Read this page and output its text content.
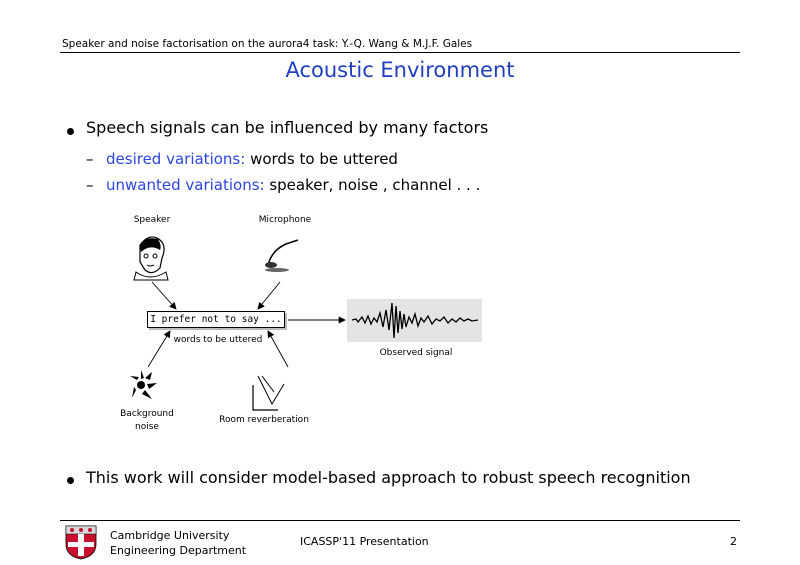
Speaker and noise factorisation on the aurora4 task: Y.-Q. Wang & M.J.F. Gales
Acoustic Environment
Speech signals can be influenced by many factors
– desired variations: words to be uttered
– unwanted variations: speaker, noise , channel . . .
Speaker	Microphone
I prefer not to say ...
words to be uttered
Observed signal
Background noise
Room reverberation
This work will consider model-based approach to robust speech recognition
Cambridge University
Engineering Department
ICASSP'11 Presentation	2
